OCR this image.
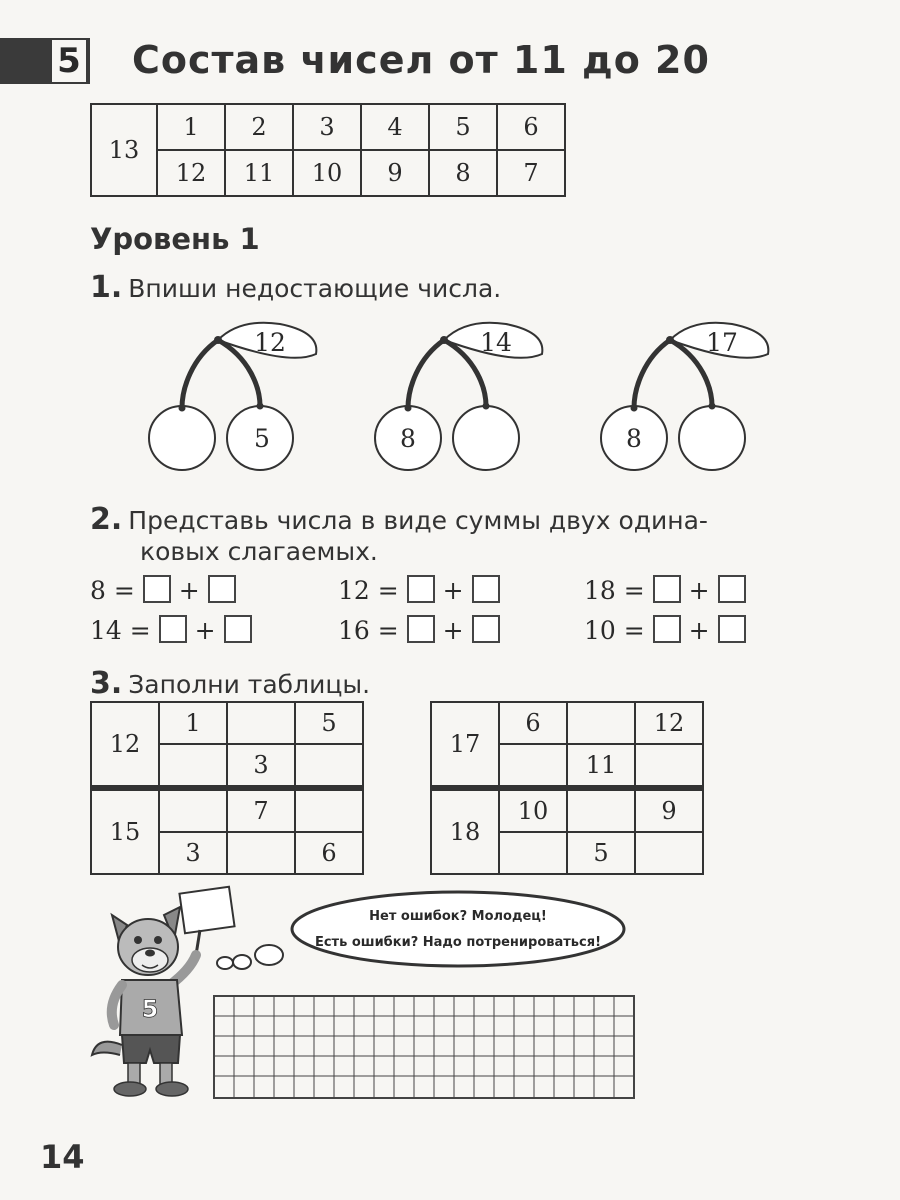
5 Состав чисел от 11 до 20
13	1	2	3	4	5	6
	12	11	10	9	8	7
Уровень 1
1. Впиши недостающие числа.
12
5
14
8
17
8
2. Представь числа в виде суммы двух одина-
ковых слагаемых.
8 = +	12 = +	18 = +
14 = +	16 = +	10 = +
3. Заполни таблицы.
12	1		5
		3	
15		7	
	3		6
17	6		12
		11	
18	10		9
		5	
5
Нет ошибок? Молодец!
Есть ошибки? Надо потренироваться!
14
